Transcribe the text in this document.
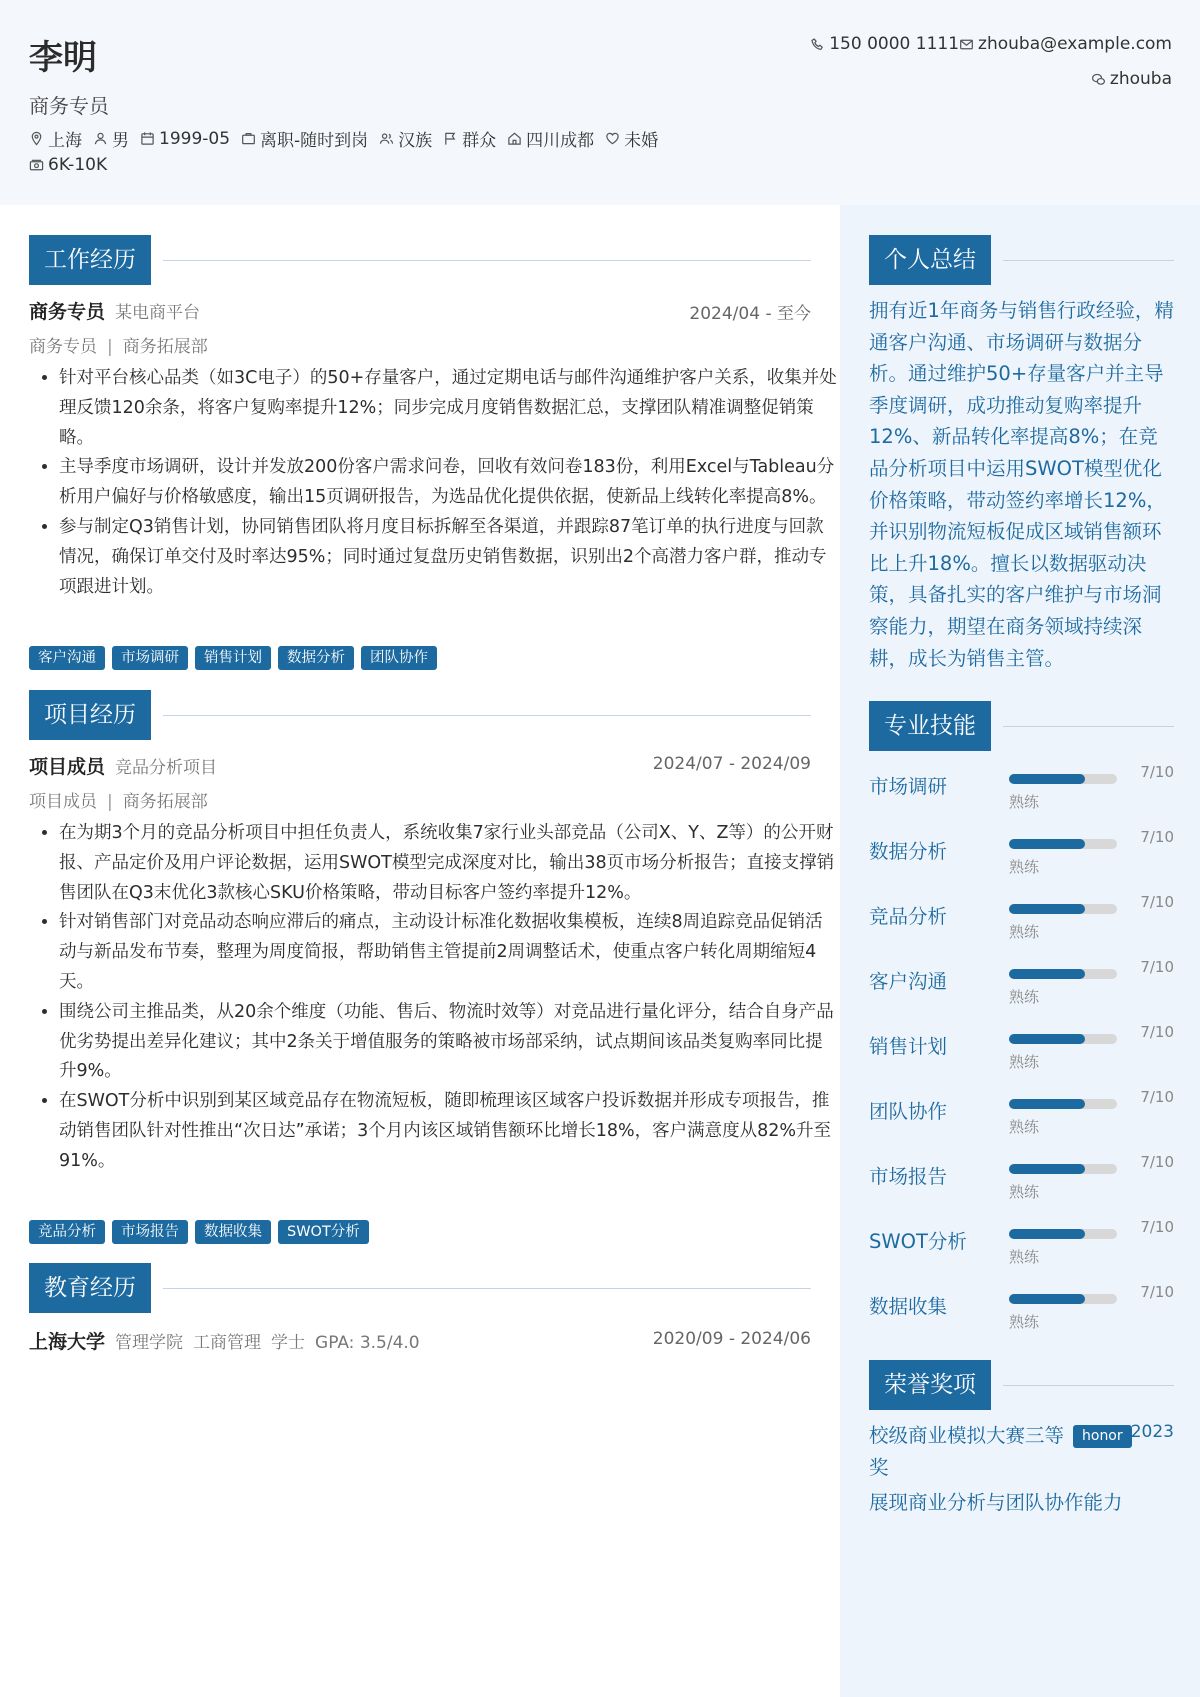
李明
商务专员
上海 男 1999-05 离职-随时到岗 汉族 群众 四川成都 未婚
6K-10K
150 0000 1111 zhouba@example.com
zhouba
工作经历
商务专员 某电商平台	2024/04 - 至今
商务专员 | 商务拓展部
• 针对平台核心品类（如3C电子）的50+存量客户，通过定期电话与邮件沟通维护客户关系，收集并处理反馈120余条，将客户复购率提升12%；同步完成月度销售数据汇总，支撑团队精准调整促销策略。
• 主导季度市场调研，设计并发放200份客户需求问卷，回收有效问卷183份，利用Excel与Tableau分析用户偏好与价格敏感度，输出15页调研报告，为选品优化提供依据，使新品上线转化率提高8%。
• 参与制定Q3销售计划，协同销售团队将月度目标拆解至各渠道，并跟踪87笔订单的执行进度与回款情况，确保订单交付及时率达95%；同时通过复盘历史销售数据，识别出2个高潜力客户群，推动专项跟进计划。
客户沟通	市场调研	销售计划	数据分析	团队协作
项目经历
项目成员 竞品分析项目	2024/07 - 2024/09
项目成员 | 商务拓展部
• 在为期3个月的竞品分析项目中担任负责人，系统收集7家行业头部竞品（公司X、Y、Z等）的公开财报、产品定价及用户评论数据，运用SWOT模型完成深度对比，输出38页市场分析报告；直接支撑销售团队在Q3末优化3款核心SKU价格策略，带动目标客户签约率提升12%。
• 针对销售部门对竞品动态响应滞后的痛点，主动设计标准化数据收集模板，连续8周追踪竞品促销活动与新品发布节奏，整理为周度简报，帮助销售主管提前2周调整话术，使重点客户转化周期缩短4天。
• 围绕公司主推品类，从20余个维度（功能、售后、物流时效等）对竞品进行量化评分，结合自身产品优劣势提出差异化建议；其中2条关于增值服务的策略被市场部采纳，试点期间该品类复购率同比提升9%。
• 在SWOT分析中识别到某区域竞品存在物流短板，随即梳理该区域客户投诉数据并形成专项报告，推动销售团队针对性推出“次日达”承诺；3个月内该区域销售额环比增长18%，客户满意度从82%升至91%。
竞品分析	市场报告	数据收集	SWOT分析
教育经历
上海大学 管理学院 工商管理 学士 GPA: 3.5/4.0	2020/09 - 2024/06
个人总结
拥有近1年商务与销售行政经验，精通客户沟通、市场调研与数据分析。通过维护50+存量客户并主导季度调研，成功推动复购率提升12%、新品转化率提高8%；在竞品分析项目中运用SWOT模型优化价格策略，带动签约率增长12%，并识别物流短板促成区域销售额环比上升18%。擅长以数据驱动决策，具备扎实的客户维护与市场洞察能力，期望在商务领域持续深耕，成长为销售主管。
专业技能
市场调研
7/10
熟练
数据分析
7/10
熟练
竞品分析
7/10
熟练
客户沟通
7/10
熟练
销售计划
7/10
熟练
团队协作
7/10
熟练
市场报告
7/10
熟练
SWOT分析
7/10
熟练
数据收集
7/10
熟练
荣誉奖项
校级商业模拟大赛三等奖
honor 2023
展现商业分析与团队协作能力
